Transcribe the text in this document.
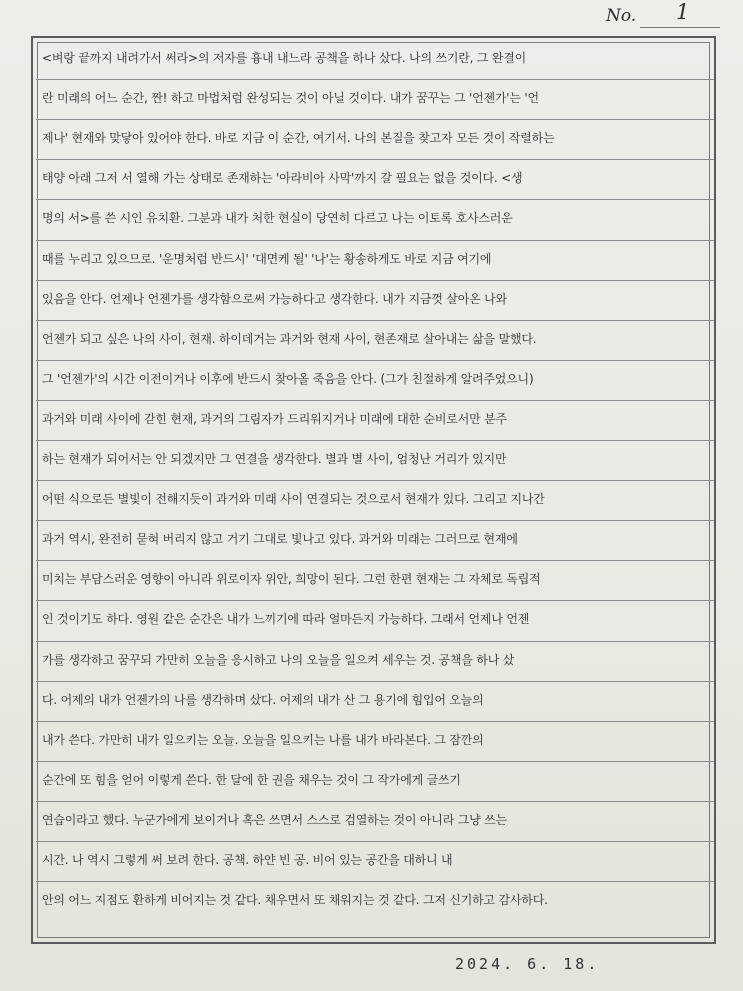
No. 1
<벼랑 끝까지 내려가서 써라>의 저자를 흉내 내느라 공책을 하나 샀다. 나의 쓰기란, 그 완결이
란 미래의 어느 순간, 짠! 하고 마법처럼 완성되는 것이 아닐 것이다. 내가 꿈꾸는 그 '언젠가'는 '언
제나' 현재와 맞닿아 있어야 한다. 바로 지금 이 순간, 여기서. 나의 본질을 찾고자 모든 것이 작렬하는
태양 아래 그저 서 열해 가는 상태로 존재하는 '아라비아 사막'까지 갈 필요는 없을 것이다. <생
명의 서>를 쓴 시인 유치환. 그분과 내가 처한 현실이 당연히 다르고 나는 이토록 호사스러운
때를 누리고 있으므로. '운명처럼 반드시' '대면케 될' '나'는 황송하게도 바로 지금 여기에
있음을 안다. 언제나 언젠가를 생각함으로써 가능하다고 생각한다. 내가 지금껏 살아온 나와
언젠가 되고 싶은 나의 사이, 현재. 하이데거는 과거와 현재 사이, 현존재로 살아내는 삶을 말했다.
그 '언젠가'의 시간 이전이거나 이후에 반드시 찾아올 죽음을 안다. (그가 친절하게 알려주었으니)
과거와 미래 사이에 갇힌 현재, 과거의 그림자가 드리워지거나 미래에 대한 순비로서만 분주
하는 현재가 되어서는 안 되겠지만 그 연결을 생각한다. 별과 별 사이, 엄청난 거리가 있지만
어떤 식으로든 별빛이 전해지듯이 과거와 미래 사이 연결되는 것으로서 현재가 있다. 그리고 지나간
과거 역시, 완전히 묻혀 버리지 않고 거기 그대로 빛나고 있다. 과거와 미래는 그러므로 현재에
미치는 부담스러운 영향이 아니라 위로이자 위안, 희망이 된다. 그런 한편 현재는 그 자체로 독립적
인 것이기도 하다. 영원 같은 순간은 내가 느끼기에 따라 얼마든지 가능하다. 그래서 언제나 언젠
가를 생각하고 꿈꾸되 가만히 오늘을 응시하고 나의 오늘을 일으켜 세우는 것. 공책을 하나 샀
다. 어제의 내가 언젠가의 나를 생각하며 샀다. 어제의 내가 산 그 용기에 힘입어 오늘의
내가 쓴다. 가만히 내가 일으키는 오늘. 오늘을 일으키는 나를 내가 바라본다. 그 잠깐의
순간에 또 힘을 얻어 이렇게 쓴다. 한 달에 한 권을 채우는 것이 그 작가에게 글쓰기
연습이라고 했다. 누군가에게 보이거나 혹은 쓰면서 스스로 검열하는 것이 아니라 그냥 쓰는
시간. 나 역시 그렇게 써 보려 한다. 공책. 하얀 빈 공. 비어 있는 공간을 대하니 내
안의 어느 지점도 환하게 비어지는 것 같다. 채우면서 또 채워지는 것 같다. 그저 신기하고 감사하다.
2024. 6. 18.
